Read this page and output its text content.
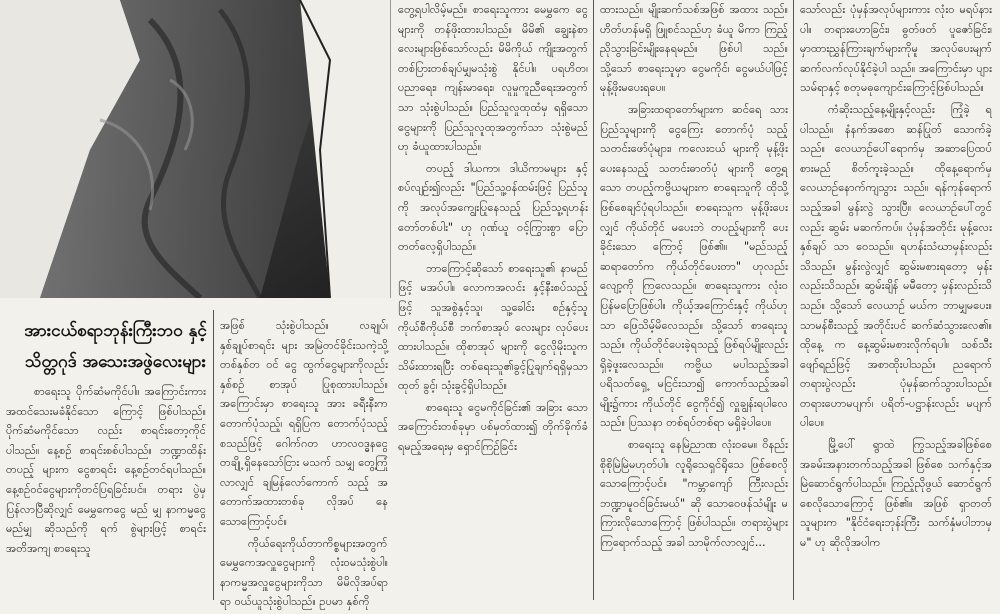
အားငယ်စရာဘုန်းကြီးဘဝ နှင့်
သိတ္တဂုဒ် အသေးအဖွဲလေးများ

စာရေးသူ ပိုက်ဆံမကိုင်ပါ။ အကြောင်းကား အထင်သေးမခံနိုင်သော ကြောင့် ဖြစ်ပါသည်။ ပိုက်ဆံမကိုင်သော လည်း စာရင်းတော့ကိုင်ပါသည်။ နေ့စဉ် စာရင်းစစ်ပါသည်။ ဘဏ္ဍာထိန်းတပည့် များက ငွေစာရင်း နေ့စဉ်တင်ရပါသည်။ နေ့စဉ်ဝင်ငွေများကိုတင်ပြရခြင်းပင်။ တရား ပွဲမှ ပြန်လာပြီဆိုလျှင် မေမွှကေငွေ မည် မျှ နာကမ္မငွေမည်မျှ ဆိုသည်ကို ရက် စွဲများဖြင့် စာရင်းအတိအကျ စာရေးသူ

တွေ့ရပါလိမ့်မည်။ စာရေးသူကား မေမွှကေ ငွေများကို တန်ဖိုးထားပါသည်။ မိမိ၏ ချွေးနဲစာလေးများဖြစ်သော်လည်း မိမိကိုယ် ကျိုးအတွက် တစ်ပြားတစ်ချပ်မျှမသုံးစွဲ နိုင်ပါ။ ပရဟိတ၊ ပညာရေး၊ ကျန်းမာရေး၊ လူမှုကူညီရေးအတွက်သာ သုံးစွဲပါသည်။ ပြည်သူလှုထုထံမှ ရရှိသောငွေများကို ပြည်သူလူထုအတွက်သာ သုံးစွဲမည်ဟု ခံယူထားပါသည်။

တပည့် ဒါယကာ၊ ဒါယိကာမများ နှင့် စပ်လျဉ်း၍လည်း "ပြည်သူ့ဝန်ထမ်းဖြင့် ပြည်သူကို အလုပ်အကျွေးပြုနေသည့် ပြည်သူ့ရဟန်းတော်တစ်ပါး" ဟု ဂုဏ်ယူ ဝင့်ကြွားစွာ ပြောတတ်လေ့ရှိပါသည်။

ဘာကြောင့်ဆိုသော် စာရေးသူ၏ နာမည်ဖြင့် မအပ်ပါ။ လောကအလင်း နှင့်နီးစပ်သည့်ဖြင့် သူအစွဲနှင့်သူ၊ သူ့ခေါင်း စဉ်နှင့်သူ ကိုယ်စီကိုယ်စီ ဘက်စာအုပ် လေးများ လုပ်ပေးထားပါသည်။ ထိုစာအုပ် များကို ငွေလိုမိုးသူက သိမ်းထားရပြီး တစ်ရေးသူ၏ခွင့်ပြုချက်ရရှိမှသာ ထုတ် ခွင့်၊ သုံးခွင့်ရှိပါသည်။

စာရေးသူ ငွေမကိုင်ခြင်း၏ အခြား သောအကြောင်းတစ်ခုမှာ ပစ်မှတ်ထား၍ တိုက်ခိုက်ခံရမည့်အရေးမှ ရှောင်ကြဉ်ခြင်း

အဖြစ် သုံးစွဲပါသည်။ လချုပ်၊ နှစ်ချုပ်စာရင်း များ အမြဲတင်ခိုင်းသကဲ့သို့ တစ်နှစ်တ ဝင် ငွေ ထွက်ငွေများကိုလည်း နှစ်စဉ် စာအုပ် ပြုစုထားပါသည်။ အကြောင်းမှာ စာရေးသူ အား ခရီးနီးက တောက်ပုံသည့်၊ ရရှိပြက တောက်ပုံသည့် စသည်ဖြင့် ဂေါက်ဂတ ဟာလ၀ဒ္ဓနငွေတချို့ ရှိနေသော်ငြား မသက် သမျှ တွေ့ကြုံလာလျှင် ချမြန်လော်ကောက် သည့် အတောက်အထားတစ်ခု လိုအပ် နေသောကြောင့်ပင်။

ကိုယ်ရေးကိုယ်တာကိစ္စများအတွက် မေမွှကေအလှူငွေများကို လုံးဝမသုံးစွဲပါ။ နာကမ္မအလှူငွေများကိုသာ မိမိလိုအပ်ရာ ရာ ဝယ်ယူသုံးစွဲပါသည်။ ဥပမာ နှစ်ကို

ထားသည်။ မျိုးဆက်သစ်အဖြစ် အထား သည်။ ဟိတ်ဟန်မရှိ ဖြူစင်သည်ဟု ခံယူ မိကာ ကြည့်ညိုသွားခြင်းမျိုးနေရမည်။ ဖြစ်ပါ သည်။ သို့သော် စာရေးသူမှာ ငွေမကိုင်၊ ငွေမယ်ပါဖြင့် မုန့်ဖိုးမပေးရပေ။

အခြားထရာတော်များက ဆင်ရေ သားပြည်သူများကို ငွေကြေး တောက်ပုံ သည့် သတင်းဖော်ပုံများ၊ ကလေးငယ် များကို မုန့်ဖိုးပေးနေသည့် သတင်းဓာတ်ပုံ များကို တွေ့ရသော တပည့်ကဗ္ဗိယများက စာရေးသူကို ထိုသို့ ဖြစ်စေချင်ပုံရပါသည်။ စာရေးသူက မုန့်ဖိုးပေးလျှင် ကိုယ်တိုင် မပေးဘဲ တပည့်များကို ပေးခိုင်းသော ကြောင့် ဖြစ်၏။ "မည်သည့်ဆရာတော်က ကိုယ်တိုင်ပေးတာ" ဟုလည်း လျော့ကို ကြလေသည်။ စာရေးသူကား လုံးဝ ပြန်မပြောဖြစ်ပါ။ ကိုယ့်အကြောင်းနှင့် ကိုယ်ဟုသာ ဖြေသိမ့်မိလေသည်။ သို့သော် စာရေးသူသည်။ ကိုယ်တိုင်ပေးခဲ့ရသည့် ဖြစ်ရပ်မျိုးလည်း ရှိခဲ့ဖူးလေသည်။ ကဗ္ဗိယ မပါသည့်အခါ ပရိသတ်ရှေ့ မငြင်းသာ၍ ကောက်သည့်အခါမျိုး၌ကား ကိုယ်တိုင် ငွေကိုင်၍ လှူချွန်းရပါလေသည်။ ပြဿနာ တစ်ရပ်တစ်ရာ မရှိခဲ့ပါပေ။

စာရေးသူ နေမြဲညာဏ လုံးဝမေ။ ဝိနည်းစိုစိုမြဲမြဲမဟုတ်ပါ။ လူရိုသေရှင်ရိုသေ ဖြစ်စေလိုသောကြောင့်ပင်။ "ကမ္ဘာကျော် ကြီးလည်း ဘဏ္ဍာမူဝင်ခြင်းမယ်" ဆို သောဝေဖန်သံမျိုး မကြားလိုသောကြောင့် ဖြစ်ပါသည်။ တရားပွဲများ ကြရောက်သည့် အခါ သာမိုက်လာလျှင်...

သော်လည်း ပုံမှန်အလုပ်များကား လုံးဝ မရပ်နားပါ။ တရားဟောခြင်း၊ ဓွတ်ဖတ် ပူဇော်ခြင်း၊ မှာထားညွှန်ကြားချက်များကိုမူ အလုပ်ပေးမျက် ဆက်လက်လုပ်နိုင်ခဲ့ပါ သည်။ အကြောင်းမှာ ပျားသမ်ရာနှင့် စတုမဓုကျောင်းကြောင့်ဖြစ်ပါသည်။

ကံဆိုးသည့်နေ့မျိုးနှင့်လည်း ကြုံခဲ့ ရပါသည်။ နံနက်အစော ဆန်ပြုတ် သောက်ခဲ့သည်။ လေယာဉ်ပေါ်ရောက်မှ အဆာပြေထပ်စားမည် စိတ်ကူးခဲ့သည်။ ထိုနေ့ရောက်မှ လေယာဉ်နောက်ကျသွား သည်။ ရန်ကုန်ရောက်သည့်အခါ မွန်းလွဲ သွားပြီ။ လေယာဉ်ပေါ်တွင်လည်း ဆွမ်း မဆက်ကပ်။ ပုံမှန်အတိုင်း မုန့်လေးနှစ်ချပ် သာ ဝေသည်။ ရဟန်းသံဃာမှန်းလည်း သိသည်။ မွန်းလွဲလျှင် ဆွမ်းမစားရတော့ မှန်းလည်းသိသည်။ ဆွမ်းချိန် မမီတော့ မှန်းလည်းသိသည်။ သို့သော် လေယာဉ် မယ်က ဘာမျှမပေး။ သာမန်စီးသည့် အတိုင်းပင် ဆက်ဆံသွားလေ၏။ ထိုနေ့ က နေ့ဆွမ်းမစားလိုက်ရပါ။ သစ်သီး ဖျော်ရည်ဖြင့် အစာထိုးပါသည်။ ညရောက် တရားပွဲလည်း ပုံမှန်ဆက်သွားပါသည်။ တရားဟောမပျက်၊ ပရိတ်-ပဋ္ဌာန်းလည်း မပျက်ပါပေ။

မြို့ပေါ် ရွာထဲ ကြွသည့်အခါဖြစ်စေ အခမ်းအနားတက်သည့်အခါ ဖြစ်စေ သက်နှင့်အမြဲဆောင်ရွက်ပါသည်။ ကြည့်ညိုဖွယ် ဆောင်ရွက်စေလိုသောကြောင့် ဖြစ်၏။ အဖြစ် ရှာတတ်သူများက "နိုင်ငံရေးဘုန်းကြီး သက်နှံမပါဘာမှမ" ဟု ဆိုလိုအပါက
